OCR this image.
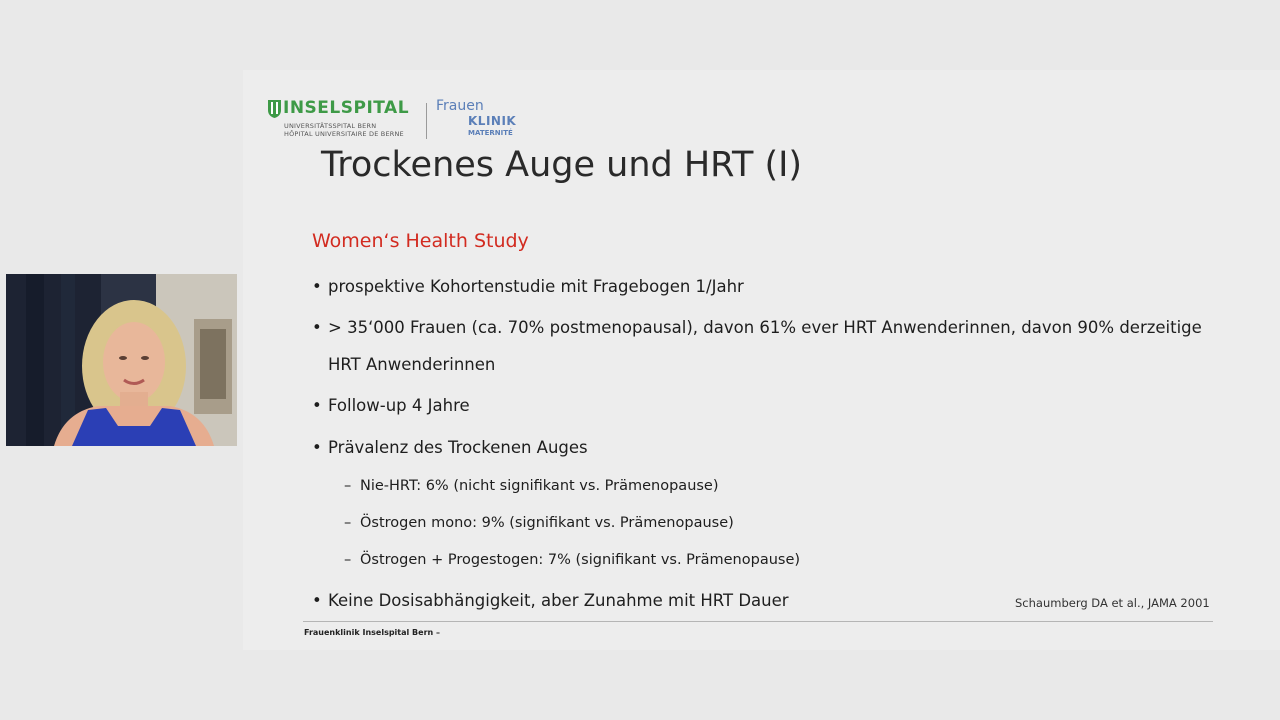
INSELSPITAL
UNIVERSITÄTSSPITAL BERN
HÔPITAL UNIVERSITAIRE DE BERNE
Frauen
KLINIK
MATERNITÉ
Trockenes Auge und HRT (I)
Women‘s Health Study
• prospektive Kohortenstudie mit Fragebogen 1/Jahr
• > 35‘000 Frauen (ca. 70% postmenopausal), davon 61% ever HRT Anwenderinnen, davon 90% derzeitige
HRT Anwenderinnen
• Follow-up 4 Jahre
• Prävalenz des Trockenen Auges
– Nie-HRT: 6% (nicht signifikant vs. Prämenopause)
– Östrogen mono: 9% (signifikant vs. Prämenopause)
– Östrogen + Progestogen: 7% (signifikant vs. Prämenopause)
• Keine Dosisabhängigkeit, aber Zunahme mit HRT Dauer	Schaumberg DA et al., JAMA 2001
Frauenklinik Inselspital Bern –
